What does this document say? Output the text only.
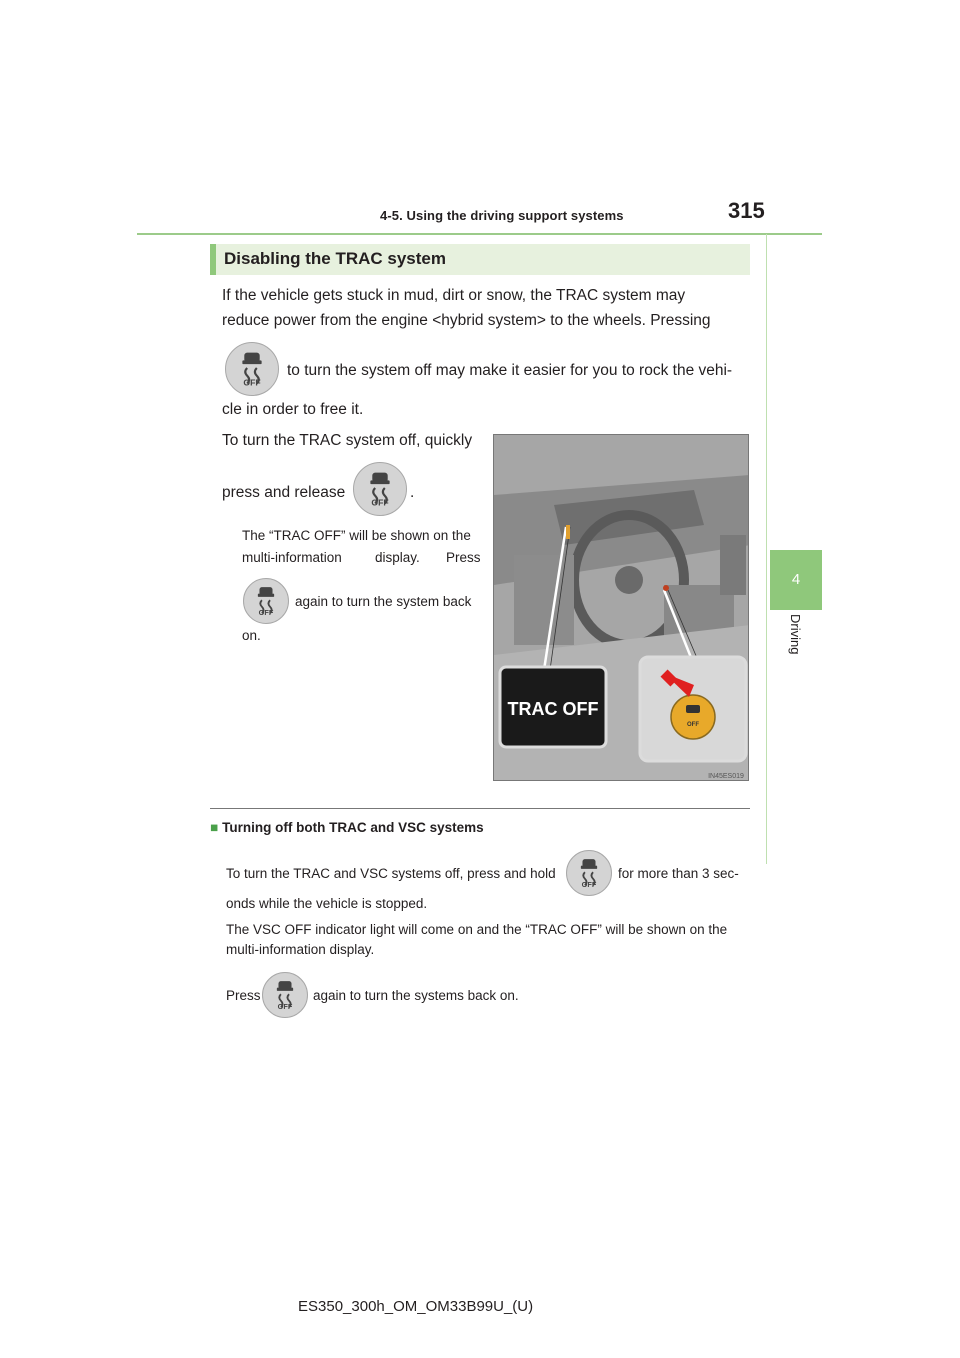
4-5. Using the driving support systems	315
4
Driving
Disabling the TRAC system
If the vehicle gets stuck in mud, dirt or snow, the TRAC system may
reduce power from the engine <hybrid system> to the wheels. Pressing
OFF
to turn the system off may make it easier for you to rock the vehi-
cle in order to free it.
To turn the TRAC system off, quickly
press and release
OFF
.
The “TRAC OFF” will be shown on the
multi-information display. Press
OFF
again to turn the system back
on.
TRAC OFF
OFF
IN45ES019
■ Turning off both TRAC and VSC systems
To turn the TRAC and VSC systems off, press and hold
OFF
for more than 3 sec-
onds while the vehicle is stopped.
The VSC OFF indicator light will come on and the “TRAC OFF” will be shown on the
multi-information display.
Press
OFF
again to turn the systems back on.
ES350_300h_OM_OM33B99U_(U)
